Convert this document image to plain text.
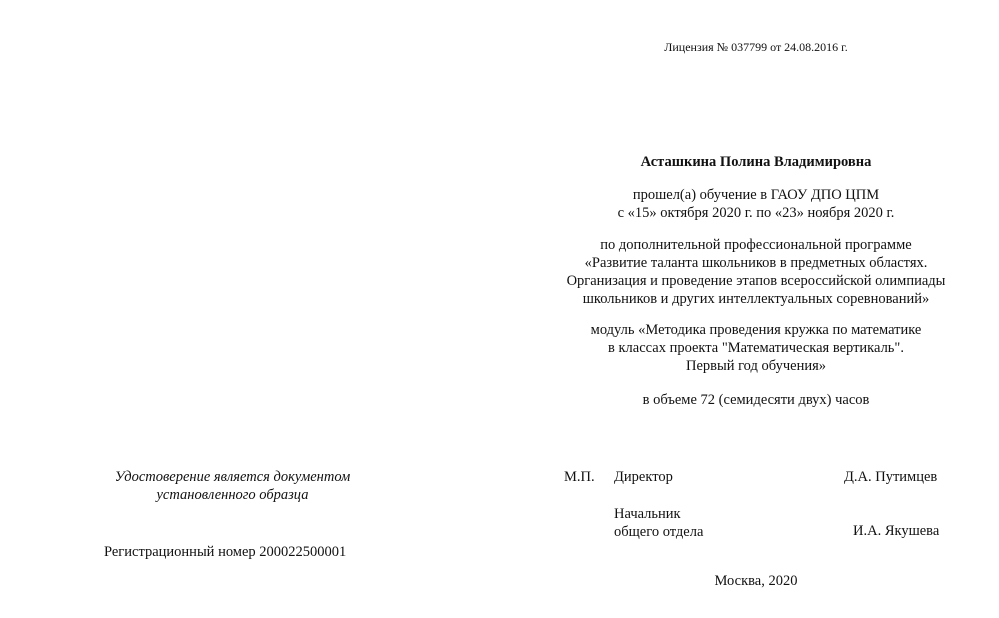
Лицензия № 037799 от 24.08.2016 г.
Асташкина Полина Владимировна
прошел(а) обучение в ГАОУ ДПО ЦПМ
с «15» октября 2020 г. по «23» ноября 2020 г.
по дополнительной профессиональной программе
«Развитие таланта школьников в предметных областях.
Организация и проведение этапов всероссийской олимпиады
школьников и других интеллектуальных соревнований»
модуль «Методика проведения кружка по математике
в классах проекта "Математическая вертикаль".
Первый год обучения»
в объеме 72 (семидесяти двух) часов
Удостоверение является документом
установленного образца
Регистрационный номер 200022500001
М.П. Директор	Д.А. Путимцев
Начальник
общего отдела	И.А. Якушева
Москва, 2020
